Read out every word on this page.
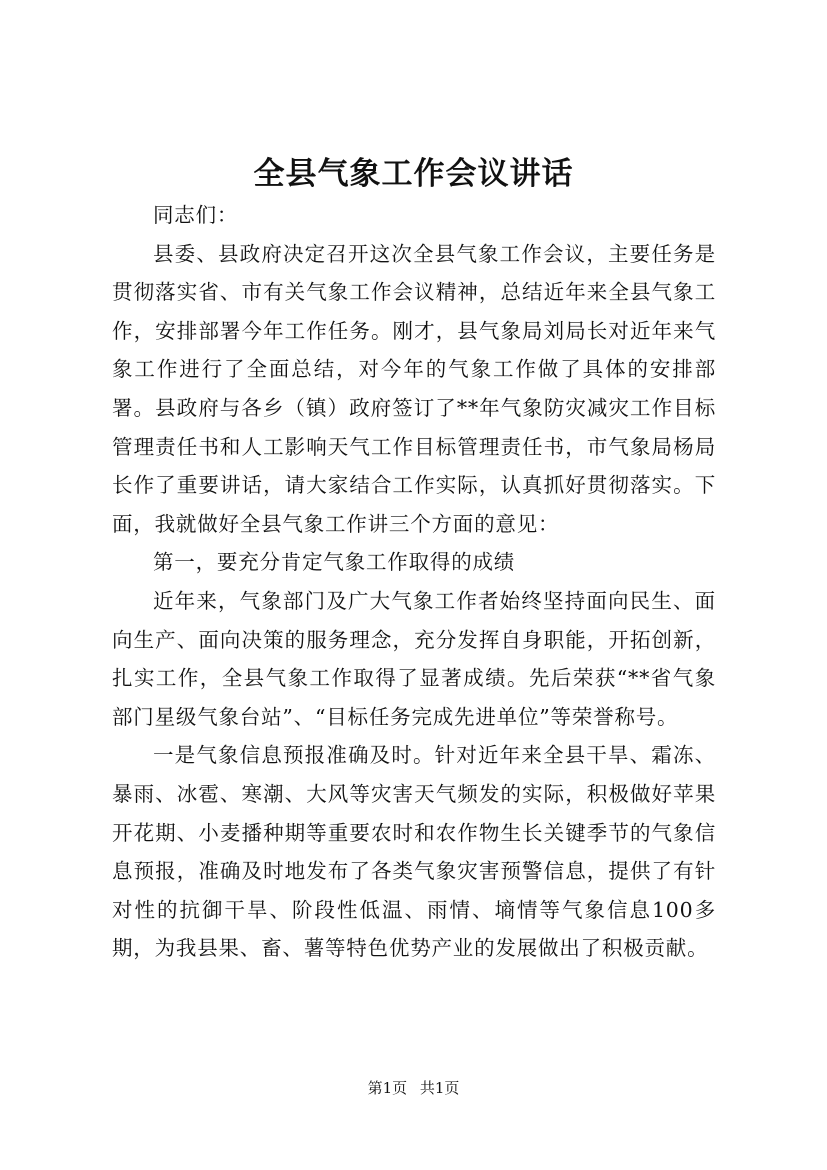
全县气象工作会议讲话

同志们：

县委、县政府决定召开这次全县气象工作会议，主要任务是贯彻落实省、市有关气象工作会议精神，总结近年来全县气象工作，安排部署今年工作任务。刚才，县气象局刘局长对近年来气象工作进行了全面总结，对今年的气象工作做了具体的安排部署。县政府与各乡（镇）政府签订了**年气象防灾减灾工作目标管理责任书和人工影响天气工作目标管理责任书，市气象局杨局长作了重要讲话，请大家结合工作实际，认真抓好贯彻落实。下面，我就做好全县气象工作讲三个方面的意见：

第一，要充分肯定气象工作取得的成绩

近年来，气象部门及广大气象工作者始终坚持面向民生、面向生产、面向决策的服务理念，充分发挥自身职能，开拓创新，扎实工作，全县气象工作取得了显著成绩。先后荣获“**省气象部门星级气象台站”、“目标任务完成先进单位”等荣誉称号。

一是气象信息预报准确及时。针对近年来全县干旱、霜冻、暴雨、冰雹、寒潮、大风等灾害天气频发的实际，积极做好苹果开花期、小麦播种期等重要农时和农作物生长关键季节的气象信息预报，准确及时地发布了各类气象灾害预警信息，提供了有针对性的抗御干旱、阶段性低温、雨情、墒情等气象信息100多期，为我县果、畜、薯等特色优势产业的发展做出了积极贡献。

第1页 共1页
